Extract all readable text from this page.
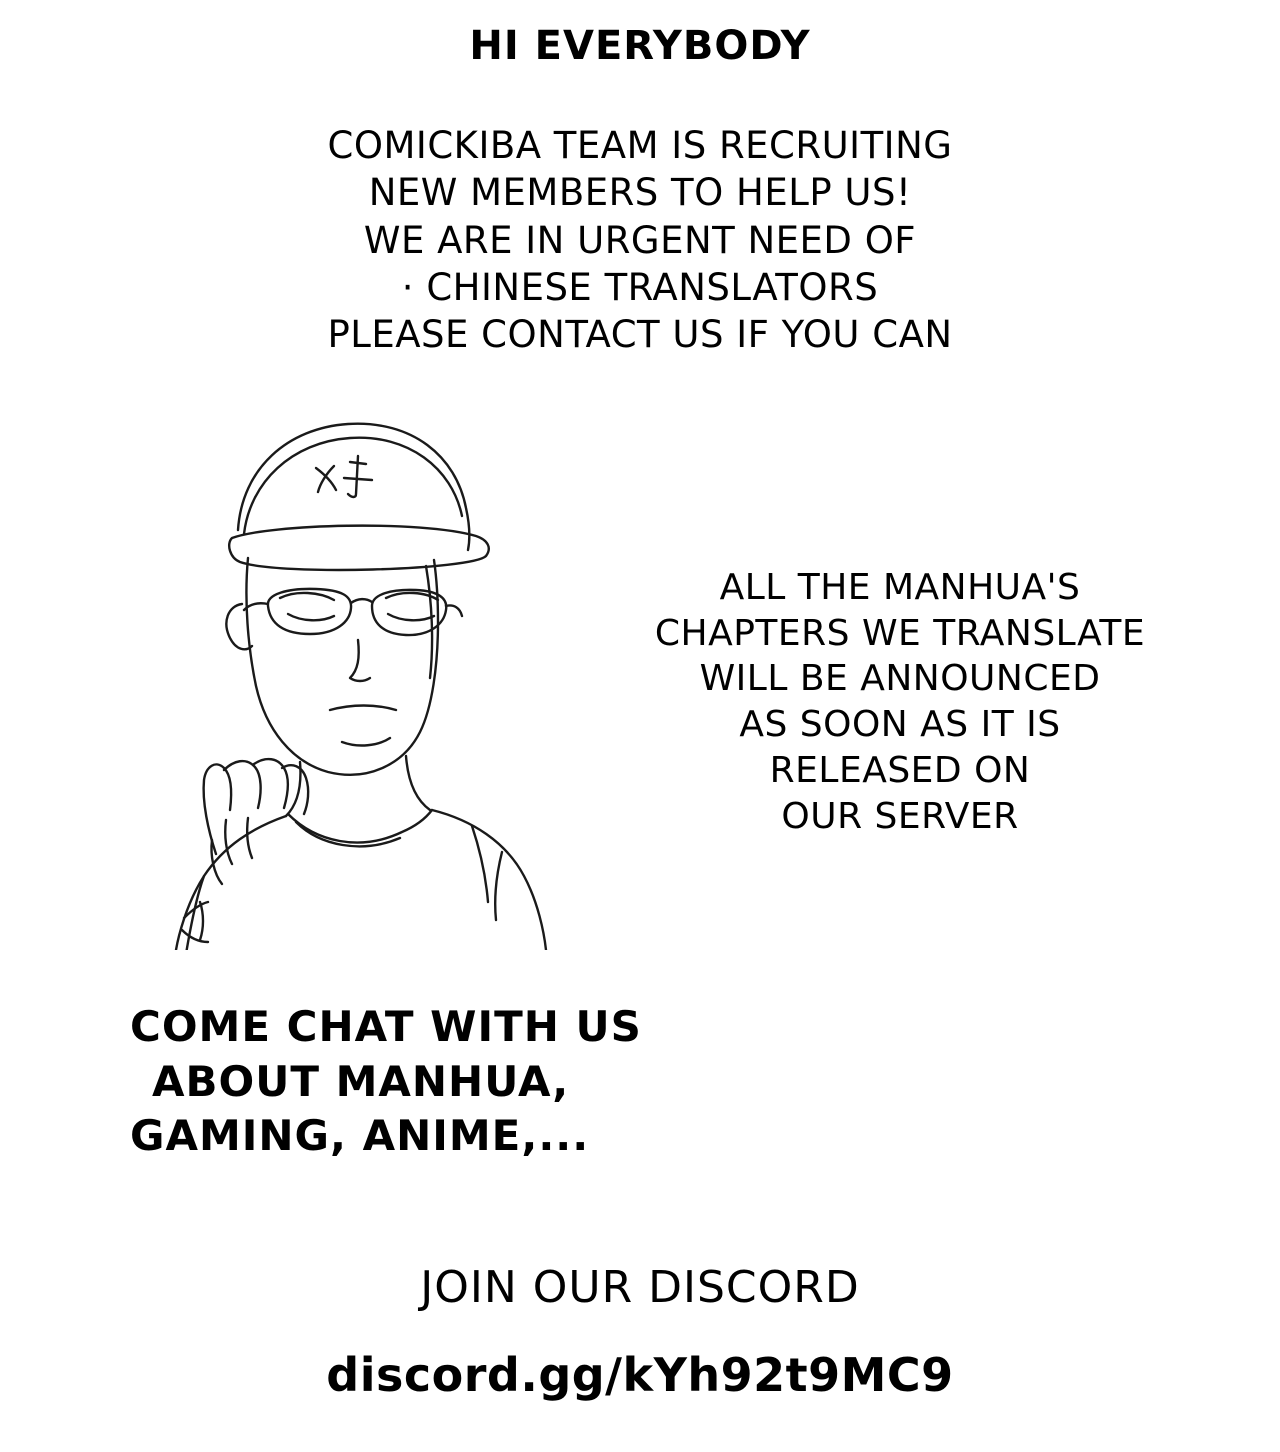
HI EVERYBODY
COMICKIBA TEAM IS RECRUITING
NEW MEMBERS TO HELP US!
WE ARE IN URGENT NEED OF
· CHINESE TRANSLATORS
PLEASE CONTACT US IF YOU CAN
ALL THE MANHUA'S
CHAPTERS WE TRANSLATE
WILL BE ANNOUNCED
AS SOON AS IT IS
RELEASED ON
OUR SERVER
COME CHAT WITH US
ABOUT MANHUA,
GAMING, ANIME,...
JOIN OUR DISCORD
discord.gg/kYh92t9MC9
